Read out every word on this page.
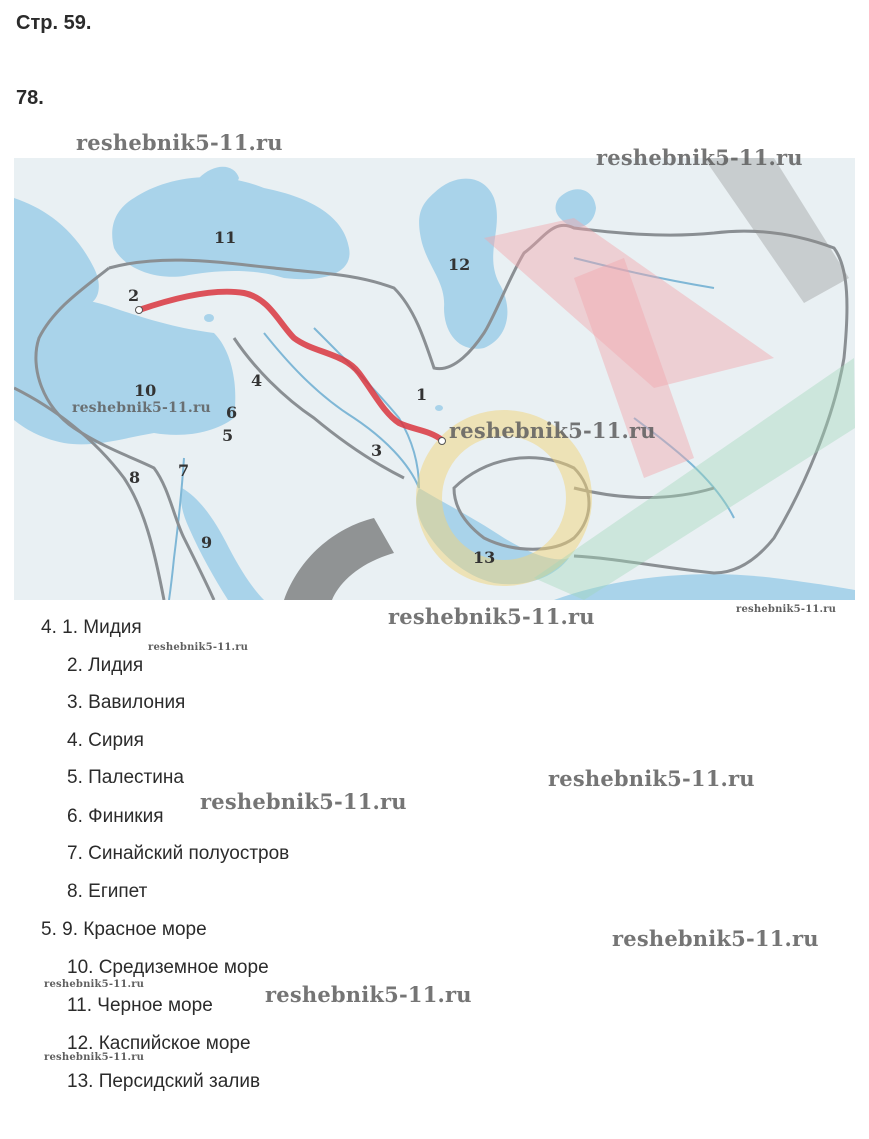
Стр. 59.
78.
1
2
3
4
5
6
7
8
9
10
11
12
13
reshebnik5-11.ru
reshebnik5-11.ru
reshebnik5-11.ru
reshebnik5-11.ru
reshebnik5-11.ru	reshebnik5-11.ru
reshebnik5-11.ru
reshebnik5-11.ru
reshebnik5-11.ru
reshebnik5-11.ru
reshebnik5-11.ru	reshebnik5-11.ru
reshebnik5-11.ru
4. 1. Мидия
2. Лидия
3. Вавилония
4. Сирия
5. Палестина
6. Финикия
7. Синайский полуостров
8. Египет
5. 9. Красное море
10. Средиземное море
11. Черное море
12. Каспийское море
13. Персидский залив
